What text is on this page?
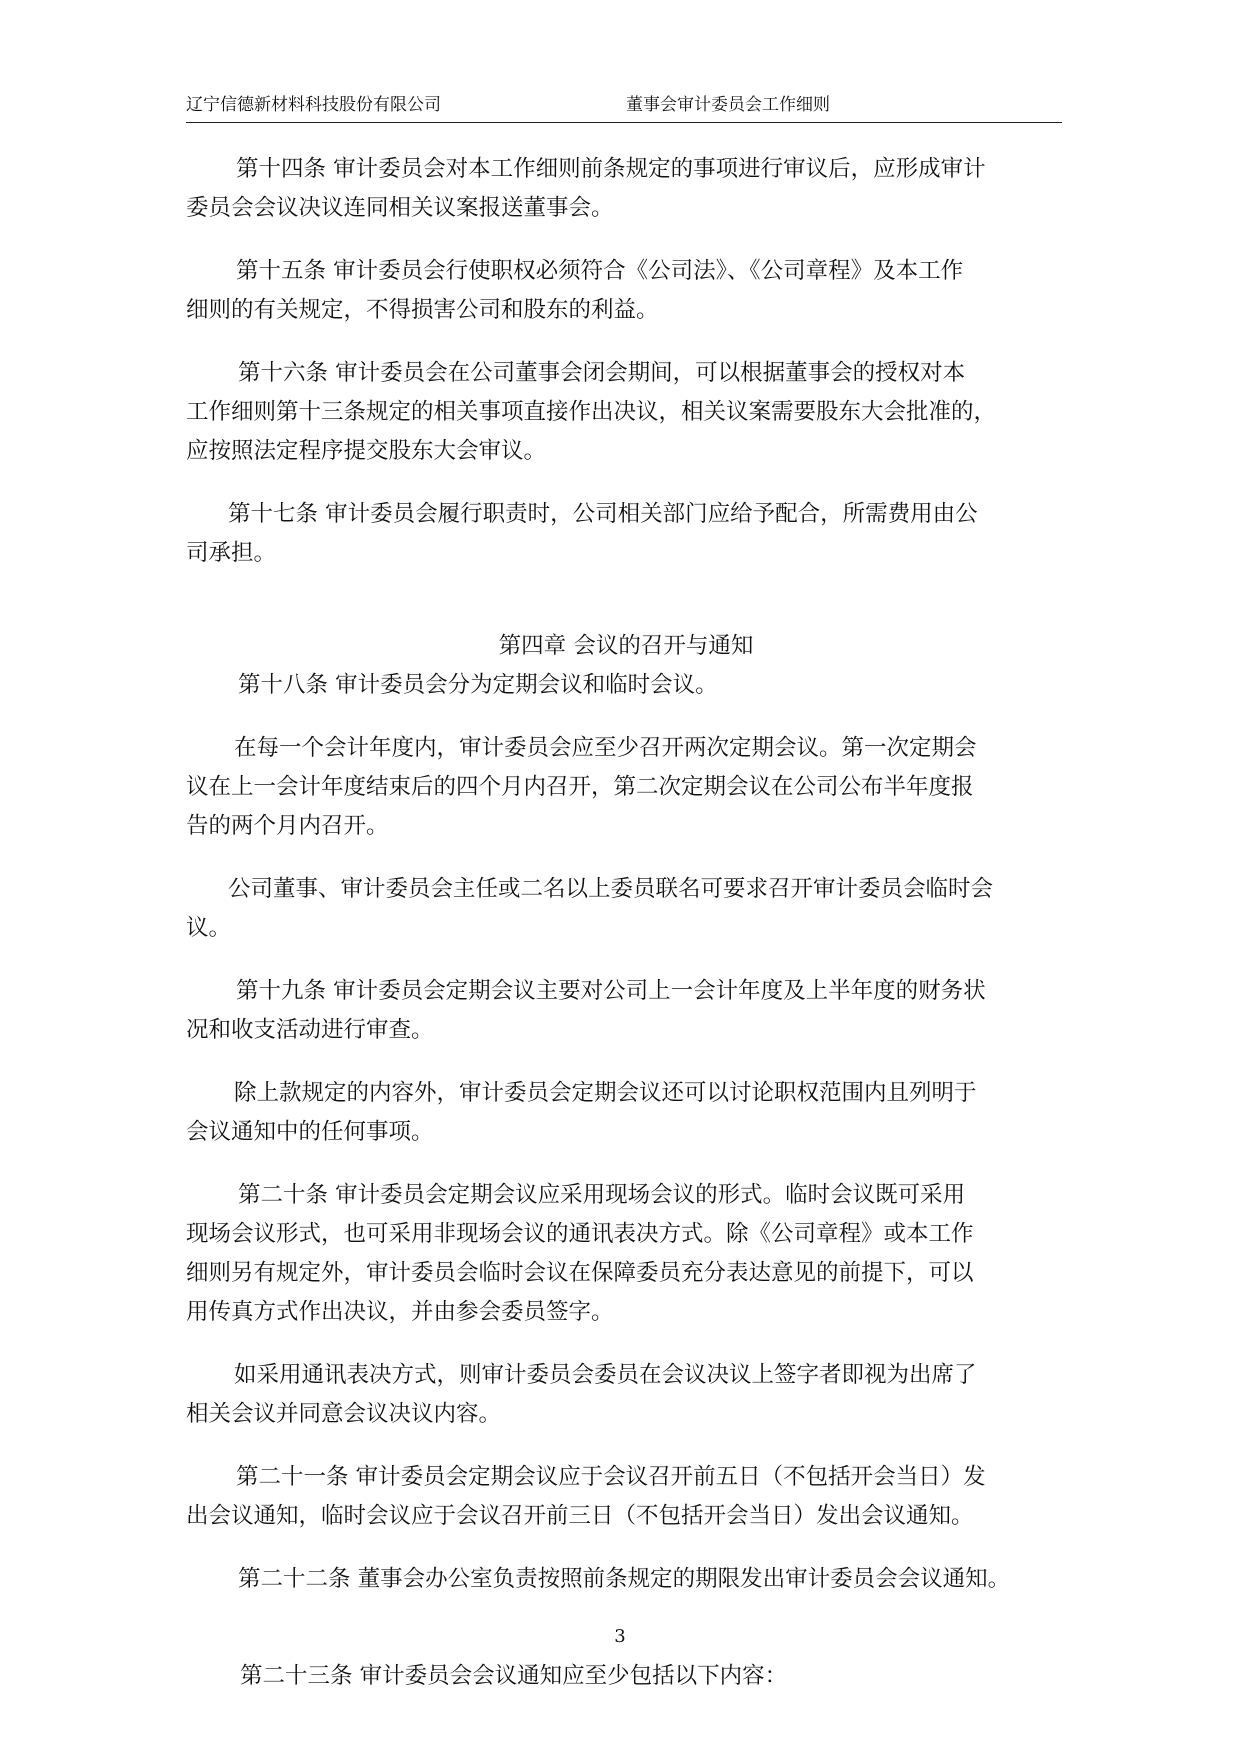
辽宁信德新材料科技股份有限公司	董事会审计委员会工作细则
第十四条 审计委员会对本工作细则前条规定的事项进行审议后，应形成审计
委员会会议决议连同相关议案报送董事会。
第十五条 审计委员会行使职权必须符合《公司法》、《公司章程》及本工作
细则的有关规定，不得损害公司和股东的利益。
第十六条 审计委员会在公司董事会闭会期间，可以根据董事会的授权对本
工作细则第十三条规定的相关事项直接作出决议，相关议案需要股东大会批准的，
应按照法定程序提交股东大会审议。
第十七条 审计委员会履行职责时，公司相关部门应给予配合，所需费用由公
司承担。
第四章 会议的召开与通知
第十八条 审计委员会分为定期会议和临时会议。
在每一个会计年度内，审计委员会应至少召开两次定期会议。第一次定期会
议在上一会计年度结束后的四个月内召开，第二次定期会议在公司公布半年度报
告的两个月内召开。
公司董事、审计委员会主任或二名以上委员联名可要求召开审计委员会临时会
议。
第十九条 审计委员会定期会议主要对公司上一会计年度及上半年度的财务状
况和收支活动进行审查。
除上款规定的内容外，审计委员会定期会议还可以讨论职权范围内且列明于
会议通知中的任何事项。
第二十条 审计委员会定期会议应采用现场会议的形式。临时会议既可采用
现场会议形式，也可采用非现场会议的通讯表决方式。除《公司章程》或本工作
细则另有规定外，审计委员会临时会议在保障委员充分表达意见的前提下，可以
用传真方式作出决议，并由参会委员签字。
如采用通讯表决方式，则审计委员会委员在会议决议上签字者即视为出席了
相关会议并同意会议决议内容。
第二十一条 审计委员会定期会议应于会议召开前五日（不包括开会当日）发
出会议通知，临时会议应于会议召开前三日（不包括开会当日）发出会议通知。
第二十二条 董事会办公室负责按照前条规定的期限发出审计委员会会议通知。
第二十三条 审计委员会会议通知应至少包括以下内容：
3
